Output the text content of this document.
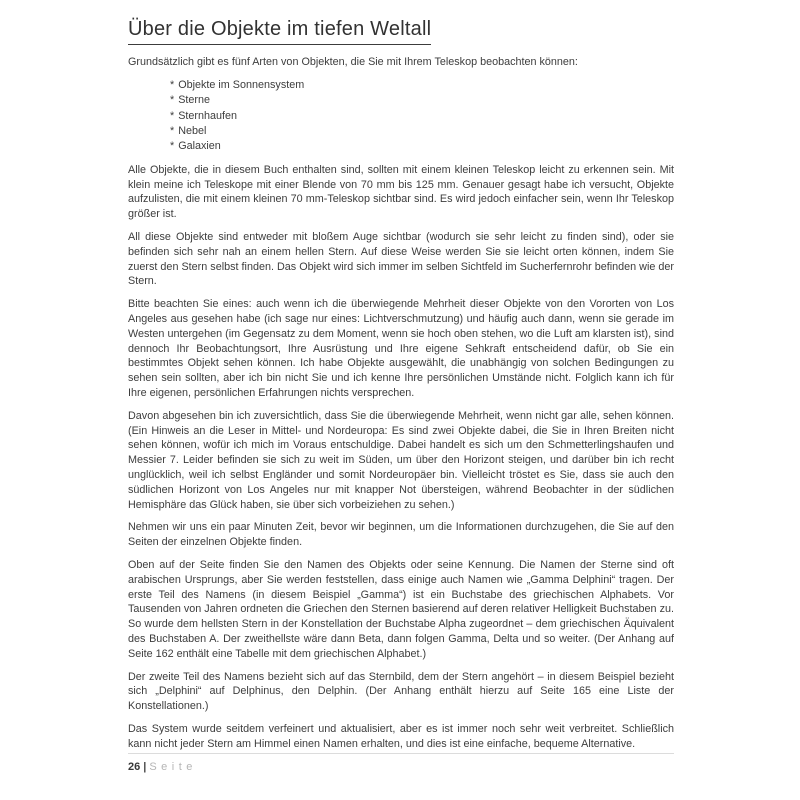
Über die Objekte im tiefen Weltall

Grundsätzlich gibt es fünf Arten von Objekten, die Sie mit Ihrem Teleskop beobachten können:

* Objekte im Sonnensystem
* Sterne
* Sternhaufen
* Nebel
* Galaxien

Alle Objekte, die in diesem Buch enthalten sind, sollten mit einem kleinen Teleskop leicht zu erkennen sein. Mit klein meine ich Teleskope mit einer Blende von 70 mm bis 125 mm. Genauer gesagt habe ich versucht, Objekte aufzulisten, die mit einem kleinen 70 mm-Teleskop sichtbar sind. Es wird jedoch einfacher sein, wenn Ihr Teleskop größer ist.

All diese Objekte sind entweder mit bloßem Auge sichtbar (wodurch sie sehr leicht zu finden sind), oder sie befinden sich sehr nah an einem hellen Stern. Auf diese Weise werden Sie sie leicht orten können, indem Sie zuerst den Stern selbst finden. Das Objekt wird sich immer im selben Sichtfeld im Sucherfernrohr befinden wie der Stern.

Bitte beachten Sie eines: auch wenn ich die überwiegende Mehrheit dieser Objekte von den Vororten von Los Angeles aus gesehen habe (ich sage nur eines: Lichtverschmutzung) und häufig auch dann, wenn sie gerade im Westen untergehen (im Gegensatz zu dem Moment, wenn sie hoch oben stehen, wo die Luft am klarsten ist), sind dennoch Ihr Beobachtungsort, Ihre Ausrüstung und Ihre eigene Sehkraft entscheidend dafür, ob Sie ein bestimmtes Objekt sehen können. Ich habe Objekte ausgewählt, die unabhängig von solchen Bedingungen zu sehen sein sollten, aber ich bin nicht Sie und ich kenne Ihre persönlichen Umstände nicht. Folglich kann ich für Ihre eigenen, persönlichen Erfahrungen nichts versprechen.

Davon abgesehen bin ich zuversichtlich, dass Sie die überwiegende Mehrheit, wenn nicht gar alle, sehen können. (Ein Hinweis an die Leser in Mittel- und Nordeuropa: Es sind zwei Objekte dabei, die Sie in Ihren Breiten nicht sehen können, wofür ich mich im Voraus entschuldige. Dabei handelt es sich um den Schmetterlingshaufen und Messier 7. Leider befinden sie sich zu weit im Süden, um über den Horizont steigen, und darüber bin ich recht unglücklich, weil ich selbst Engländer und somit Nordeuropäer bin. Vielleicht tröstet es Sie, dass sie auch den südlichen Horizont von Los Angeles nur mit knapper Not übersteigen, während Beobachter in der südlichen Hemisphäre das Glück haben, sie über sich vorbeiziehen zu sehen.)

Nehmen wir uns ein paar Minuten Zeit, bevor wir beginnen, um die Informationen durchzugehen, die Sie auf den Seiten der einzelnen Objekte finden.

Oben auf der Seite finden Sie den Namen des Objekts oder seine Kennung. Die Namen der Sterne sind oft arabischen Ursprungs, aber Sie werden feststellen, dass einige auch Namen wie „Gamma Delphini“ tragen. Der erste Teil des Namens (in diesem Beispiel „Gamma“) ist ein Buchstabe des griechischen Alphabets. Vor Tausenden von Jahren ordneten die Griechen den Sternen basierend auf deren relativer Helligkeit Buchstaben zu. So wurde dem hellsten Stern in der Konstellation der Buchstabe Alpha zugeordnet – dem griechischen Äquivalent des Buchstaben A. Der zweithellste wäre dann Beta, dann folgen Gamma, Delta und so weiter. (Der Anhang auf Seite 162 enthält eine Tabelle mit dem griechischen Alphabet.)

Der zweite Teil des Namens bezieht sich auf das Sternbild, dem der Stern angehört – in diesem Beispiel bezieht sich „Delphini“ auf Delphinus, den Delphin. (Der Anhang enthält hierzu auf Seite 165 eine Liste der Konstellationen.)

Das System wurde seitdem verfeinert und aktualisiert, aber es ist immer noch sehr weit verbreitet. Schließlich kann nicht jeder Stern am Himmel einen Namen erhalten, und dies ist eine einfache, bequeme Alternative.

26 | Seite
